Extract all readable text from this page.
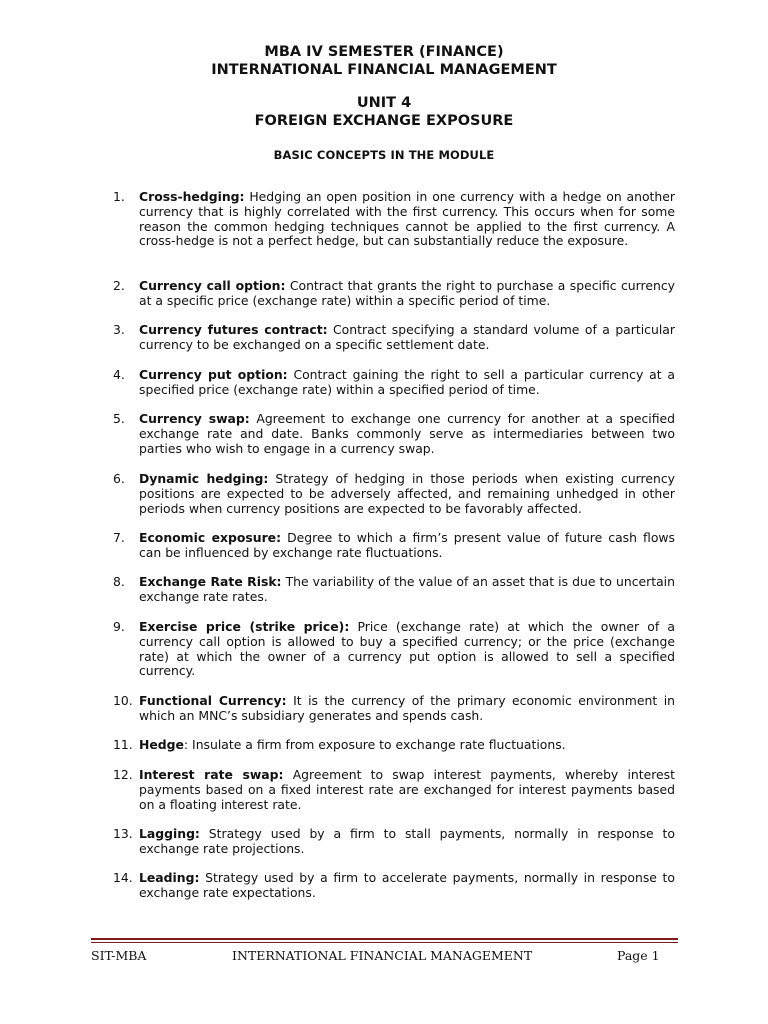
MBA IV SEMESTER (FINANCE)
INTERNATIONAL FINANCIAL MANAGEMENT
UNIT 4
FOREIGN EXCHANGE EXPOSURE
BASIC CONCEPTS IN THE MODULE
1.	Cross-hedging: Hedging an open position in one currency with a hedge on another currency that is highly correlated with the first currency. This occurs when for some reason the common hedging techniques cannot be applied to the first currency. A cross-hedge is not a perfect hedge, but can substantially reduce the exposure.
2.	Currency call option: Contract that grants the right to purchase a specific currency at a specific price (exchange rate) within a specific period of time.
3.	Currency futures contract: Contract specifying a standard volume of a particular currency to be exchanged on a specific settlement date.
4.	Currency put option: Contract gaining the right to sell a particular currency at a specified price (exchange rate) within a specified period of time.
5.	Currency swap: Agreement to exchange one currency for another at a specified exchange rate and date. Banks commonly serve as intermediaries between two parties who wish to engage in a currency swap.
6.	Dynamic hedging: Strategy of hedging in those periods when existing currency positions are expected to be adversely affected, and remaining unhedged in other periods when currency positions are expected to be favorably affected.
7.	Economic exposure: Degree to which a firm’s present value of future cash flows can be influenced by exchange rate fluctuations.
8.	Exchange Rate Risk: The variability of the value of an asset that is due to uncertain exchange rate rates.
9.	Exercise price (strike price): Price (exchange rate) at which the owner of a currency call option is allowed to buy a specified currency; or the price (exchange rate) at which the owner of a currency put option is allowed to sell a specified currency.
10. Functional Currency: It is the currency of the primary economic environment in which an MNC’s subsidiary generates and spends cash.
11. Hedge: Insulate a firm from exposure to exchange rate fluctuations.
12. Interest rate swap: Agreement to swap interest payments, whereby interest payments based on a fixed interest rate are exchanged for interest payments based on a floating interest rate.
13. Lagging: Strategy used by a firm to stall payments, normally in response to exchange rate projections.
14. Leading: Strategy used by a firm to accelerate payments, normally in response to exchange rate expectations.
SIT-MBA	INTERNATIONAL FINANCIAL MANAGEMENT	Page 1
